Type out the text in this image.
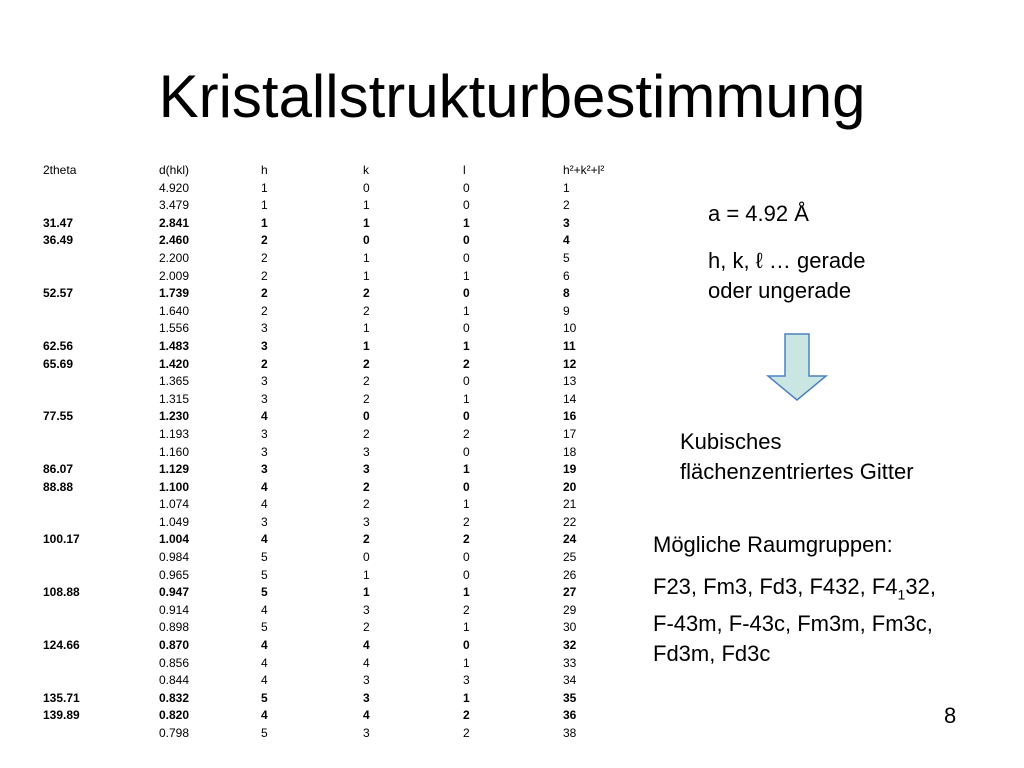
Kristallstrukturbestimmung
2theta	d(hkl)	h	k	l	h²+k²+l²
	4.920	1	0	0	1
	3.479	1	1	0	2
31.47	2.841	1	1	1	3
36.49	2.460	2	0	0	4
	2.200	2	1	0	5
	2.009	2	1	1	6
52.57	1.739	2	2	0	8
	1.640	2	2	1	9
	1.556	3	1	0	10
62.56	1.483	3	1	1	11
65.69	1.420	2	2	2	12
	1.365	3	2	0	13
	1.315	3	2	1	14
77.55	1.230	4	0	0	16
	1.193	3	2	2	17
	1.160	3	3	0	18
86.07	1.129	3	3	1	19
88.88	1.100	4	2	0	20
	1.074	4	2	1	21
	1.049	3	3	2	22
100.17	1.004	4	2	2	24
	0.984	5	0	0	25
	0.965	5	1	0	26
108.88	0.947	5	1	1	27
	0.914	4	3	2	29
	0.898	5	2	1	30
124.66	0.870	4	4	0	32
	0.856	4	4	1	33
	0.844	4	3	3	34
135.71	0.832	5	3	1	35
139.89	0.820	4	4	2	36
	0.798	5	3	2	38
a = 4.92 Å
h, k, ℓ … gerade
oder ungerade
Kubisches
flächenzentriertes Gitter
Mögliche Raumgruppen:
F23, Fm3, Fd3, F432, $F4_132$,
F-43m, F-43c, Fm3m, Fm3c,
Fd3m, Fd3c
8
